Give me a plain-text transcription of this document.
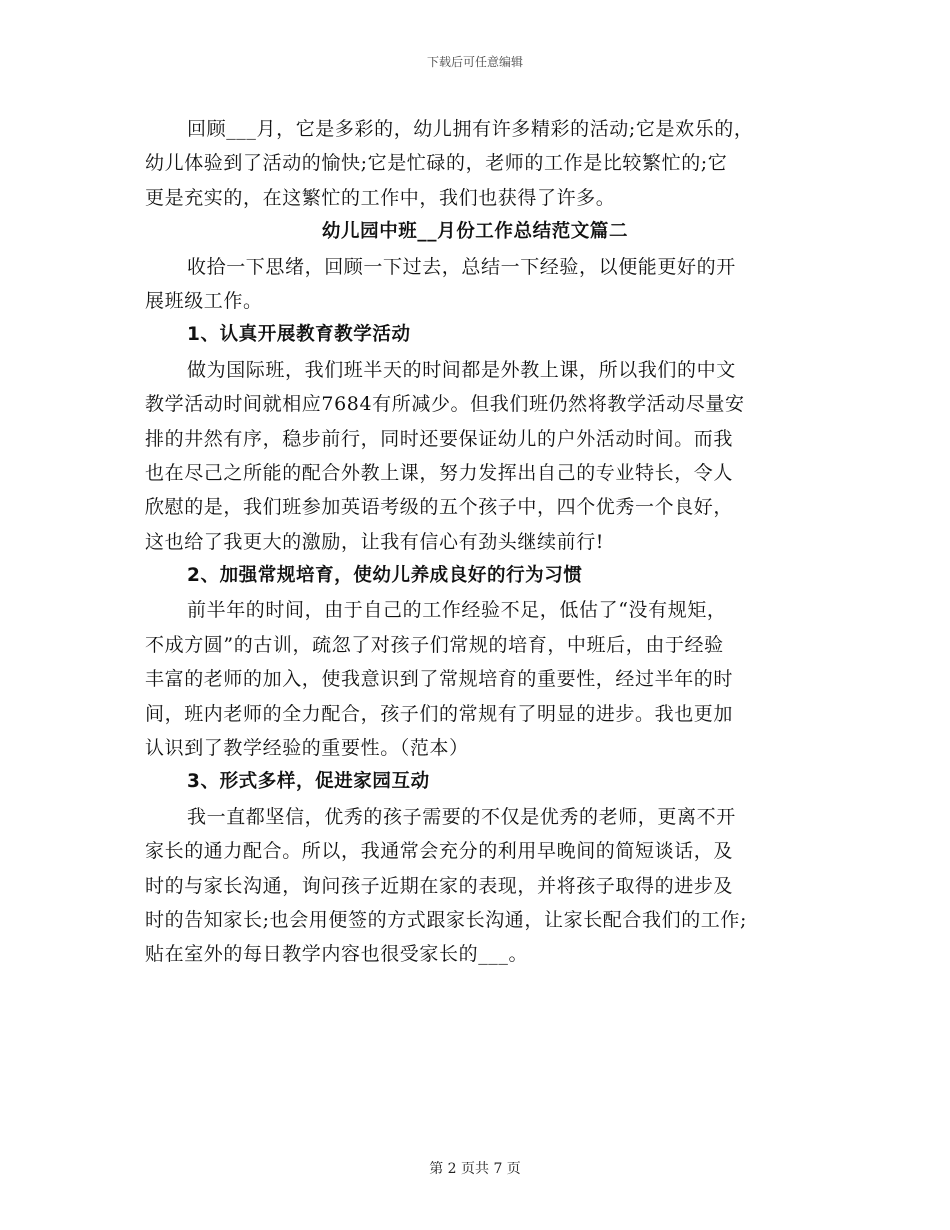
下载后可任意编辑
回顾___月，它是多彩的，幼儿拥有许多精彩的活动;它是欢乐的，
幼儿体验到了活动的愉快;它是忙碌的，老师的工作是比较繁忙的;它
更是充实的，在这繁忙的工作中，我们也获得了许多。
幼儿园中班__月份工作总结范文篇二
收拾一下思绪，回顾一下过去，总结一下经验，以便能更好的开
展班级工作。
1、认真开展教育教学活动
做为国际班，我们班半天的时间都是外教上课，所以我们的中文
教学活动时间就相应7684有所减少。但我们班仍然将教学活动尽量安
排的井然有序，稳步前行，同时还要保证幼儿的户外活动时间。而我
也在尽己之所能的配合外教上课，努力发挥出自己的专业特长，令人
欣慰的是，我们班参加英语考级的五个孩子中，四个优秀一个良好，
这也给了我更大的激励，让我有信心有劲头继续前行!
2、加强常规培育，使幼儿养成良好的行为习惯
前半年的时间，由于自己的工作经验不足，低估了“没有规矩，
不成方圆”的古训，疏忽了对孩子们常规的培育，中班后，由于经验
丰富的老师的加入，使我意识到了常规培育的重要性，经过半年的时
间，班内老师的全力配合，孩子们的常规有了明显的进步。我也更加
认识到了教学经验的重要性。（范本）
3、形式多样，促进家园互动
我一直都坚信，优秀的孩子需要的不仅是优秀的老师，更离不开
家长的通力配合。所以，我通常会充分的利用早晚间的简短谈话，及
时的与家长沟通，询问孩子近期在家的表现，并将孩子取得的进步及
时的告知家长;也会用便签的方式跟家长沟通，让家长配合我们的工作;
贴在室外的每日教学内容也很受家长的___。
第 2 页共 7 页
